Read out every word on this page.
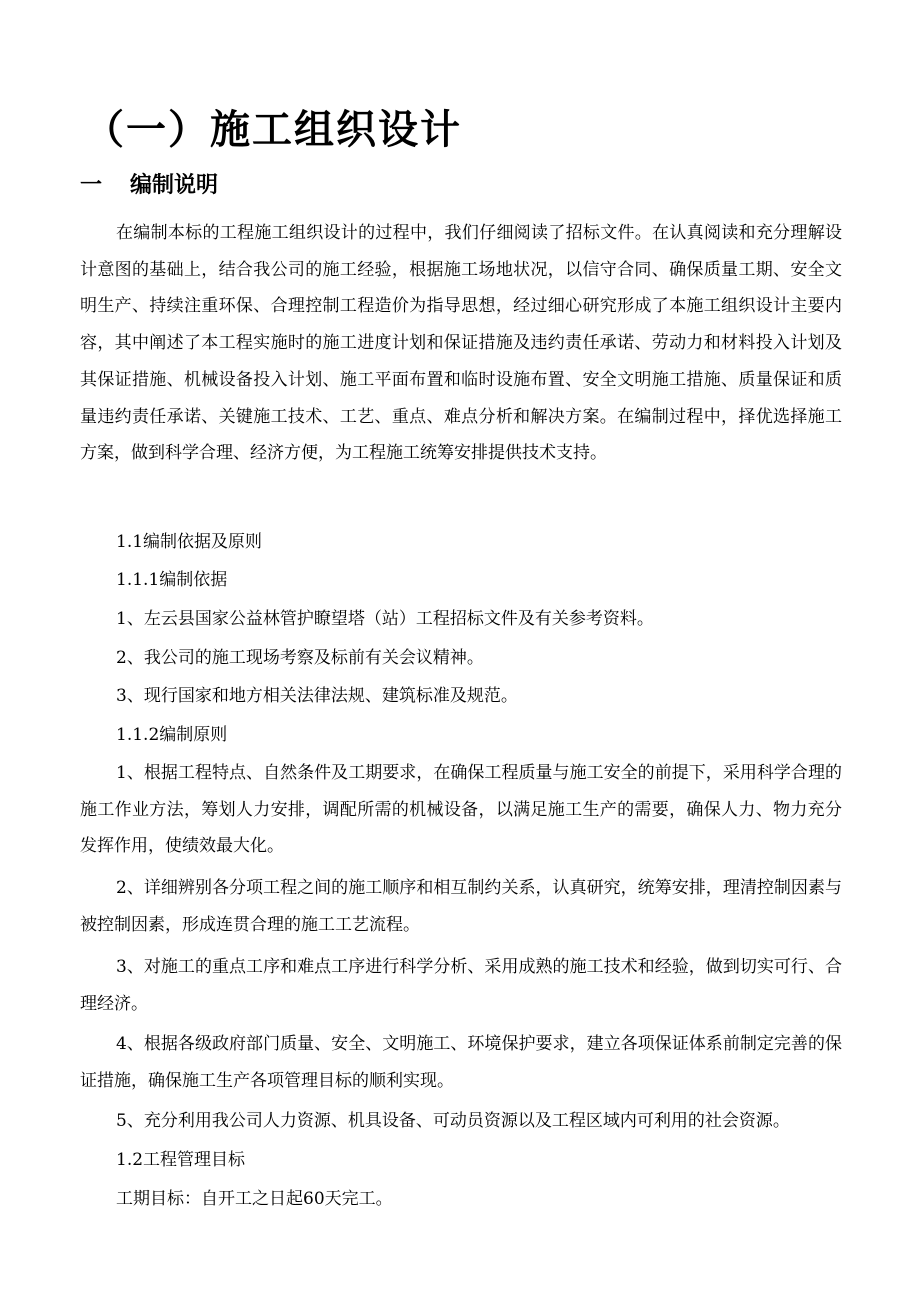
（一）施工组织设计
一 编制说明

在编制本标的工程施工组织设计的过程中，我们仔细阅读了招标文件。在认真阅读和充分理解设计意图的基础上，结合我公司的施工经验，根据施工场地状况，以信守合同、确保质量工期、安全文明生产、持续注重环保、合理控制工程造价为指导思想，经过细心研究形成了本施工组织设计主要内容，其中阐述了本工程实施时的施工进度计划和保证措施及违约责任承诺、劳动力和材料投入计划及其保证措施、机械设备投入计划、施工平面布置和临时设施布置、安全文明施工措施、质量保证和质量违约责任承诺、关键施工技术、工艺、重点、难点分析和解决方案。在编制过程中，择优选择施工方案，做到科学合理、经济方便，为工程施工统筹安排提供技术支持。

1.1编制依据及原则

1.1.1编制依据

1、左云县国家公益林管护瞭望塔（站）工程招标文件及有关参考资料。

2、我公司的施工现场考察及标前有关会议精神。

3、现行国家和地方相关法律法规、建筑标准及规范。

1.1.2编制原则

1、根据工程特点、自然条件及工期要求，在确保工程质量与施工安全的前提下，采用科学合理的施工作业方法，筹划人力安排，调配所需的机械设备，以满足施工生产的需要，确保人力、物力充分发挥作用，使绩效最大化。

2、详细辨别各分项工程之间的施工顺序和相互制约关系，认真研究，统筹安排，理清控制因素与被控制因素，形成连贯合理的施工工艺流程。

3、对施工的重点工序和难点工序进行科学分析、采用成熟的施工技术和经验，做到切实可行、合理经济。

4、根据各级政府部门质量、安全、文明施工、环境保护要求，建立各项保证体系前制定完善的保证措施，确保施工生产各项管理目标的顺利实现。

5、充分利用我公司人力资源、机具设备、可动员资源以及工程区域内可利用的社会资源。

1.2工程管理目标

工期目标：自开工之日起60天完工。
